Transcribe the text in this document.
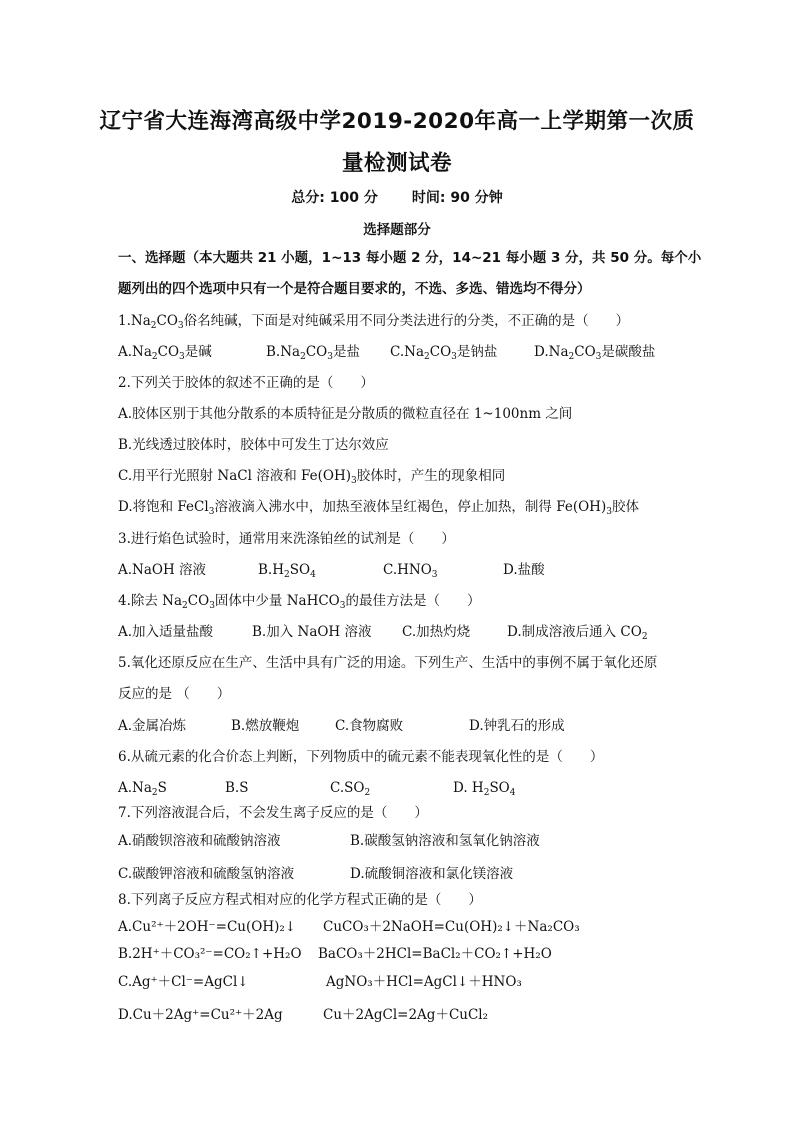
辽宁省大连海湾高级中学2019-2020年高一上学期第一次质
量检测试卷
总分: 100 分 时间: 90 分钟
选择题部分
一、选择题（本大题共 21 小题，1~13 每小题 2 分，14~21 每小题 3 分，共 50 分。每个小
题列出的四个选项中只有一个是符合题目要求的，不选、多选、错选均不得分）
$1.Na_2CO_3$俗名纯碱，下面是对纯碱采用不同分类法进行的分类，不正确的是（　　）
$A.Na_2CO_3$是碱	$B.Na_2CO_3$是盐 $C.Na_2CO_3$是钠盐	$D.Na_2CO_3$是碳酸盐
2.下列关于胶体的叙述不正确的是（　　）
A.胶体区别于其他分散系的本质特征是分散质的微粒直径在 1~100nm 之间
B.光线透过胶体时，胶体中可发生丁达尔效应
C.用平行光照射 NaCl 溶液和 $Fe(OH)_3$胶体时，产生的现象相同
D.将饱和 FeCl$_3$溶液滴入沸水中，加热至液体呈红褐色，停止加热，制得 $Fe(OH)_3$胶体
3.进行焰色试验时，通常用来洗涤铂丝的试剂是（　　）
A.NaOH 溶液	$B.H_2SO_4$	$C.HNO_3$	D.盐酸
4.除去 $Na_2CO_3$固体中少量 NaHCO$_3$的最佳方法是（　　）
A.加入适量盐酸	B.加入 NaOH 溶液 C.加热灼烧	D.制成溶液后通入 $CO_2$
5.氧化还原反应在生产、生活中具有广泛的用途。下列生产、生活中的事例不属于氧化还原
反应的是 （　　）
A.金属冶炼	B.燃放鞭炮	C.食物腐败	D.钟乳石的形成
6.从硫元素的化合价态上判断，下列物质中的硫元素不能表现氧化性的是（　　）
$A.Na_2S$	B.S	$C.SO_2$	D. $H_2SO_4$
7.下列溶液混合后，不会发生离子反应的是（　　）
A.硝酸钡溶液和硫酸钠溶液	B.碳酸氢钠溶液和氢氧化钠溶液
C.碳酸钾溶液和硫酸氢钠溶液	D.硫酸铜溶液和氯化镁溶液
8.下列离子反应方程式相对应的化学方程式正确的是（　　）
A.Cu²⁺＋2OH⁻=Cu(OH)₂↓ CuCO₃＋2NaOH=Cu(OH)₂↓＋Na₂CO₃
B.2H⁺＋CO₃²⁻=CO₂↑+H₂O BaCO₃＋2HCl=BaCl₂＋CO₂↑+H₂O
C.Ag⁺＋Cl⁻=AgCl↓	AgNO₃＋HCl=AgCl↓＋HNO₃
D.Cu＋2Ag⁺=Cu²⁺＋2Ag	Cu＋2AgCl=2Ag＋CuCl₂
